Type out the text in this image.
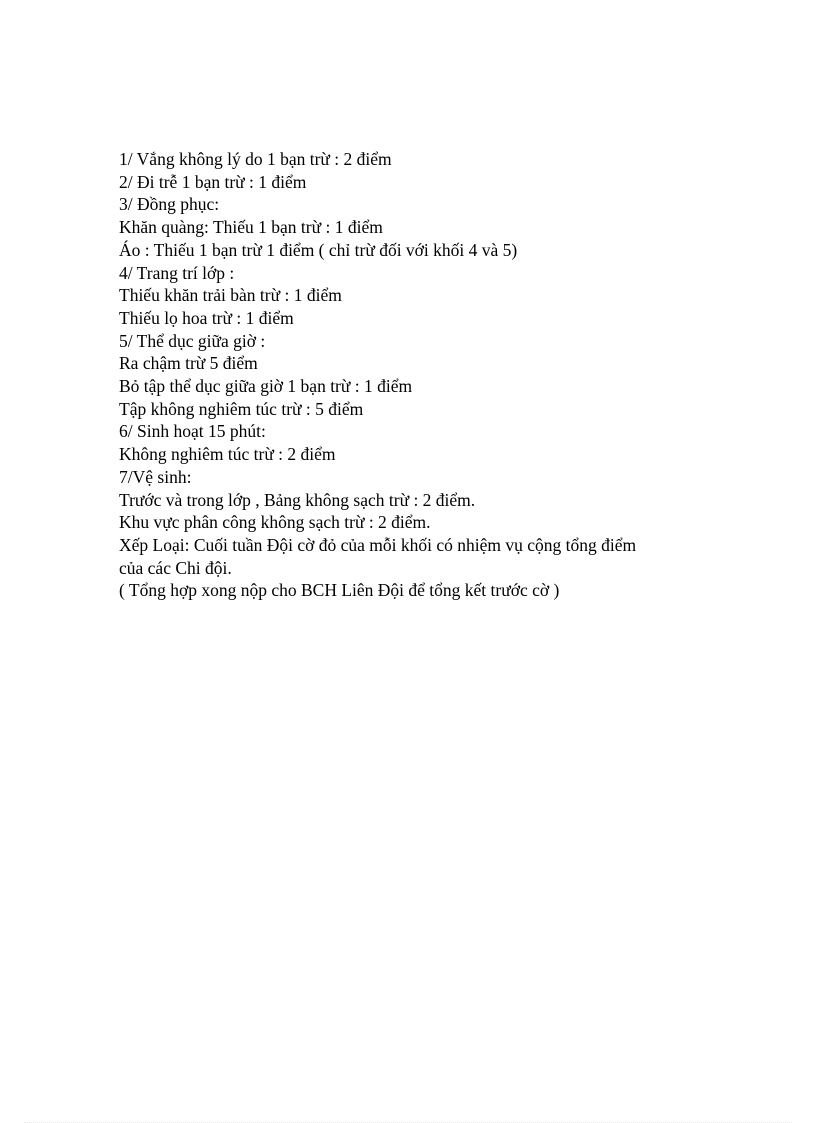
1/ Vắng không lý do 1 bạn trừ : 2 điểm
2/ Đi trễ 1 bạn trừ : 1 điểm
3/ Đồng phục:
Khăn quàng: Thiếu 1 bạn trừ : 1 điểm
Áo : Thiếu 1 bạn trừ 1 điểm ( chỉ trừ đối với khối 4 và 5)
4/ Trang trí lớp :
Thiếu khăn trải bàn trừ : 1 điểm
Thiếu lọ hoa trừ : 1 điểm
5/ Thể dục giữa giờ :
Ra chậm trừ 5 điểm
Bỏ tập thể dục giữa giờ 1 bạn trừ : 1 điểm
Tập không nghiêm túc trừ : 5 điểm
6/ Sinh hoạt 15 phút:
Không nghiêm túc trừ : 2 điểm
7/Vệ sinh:
Trước và trong lớp , Bảng không sạch trừ : 2 điểm.
Khu vực phân công không sạch trừ : 2 điểm.
Xếp Loại: Cuối tuần Đội cờ đỏ của mỗi khối có nhiệm vụ cộng tổng điểm
của các Chi đội.
( Tổng hợp xong nộp cho BCH Liên Đội để tổng kết trước cờ )
